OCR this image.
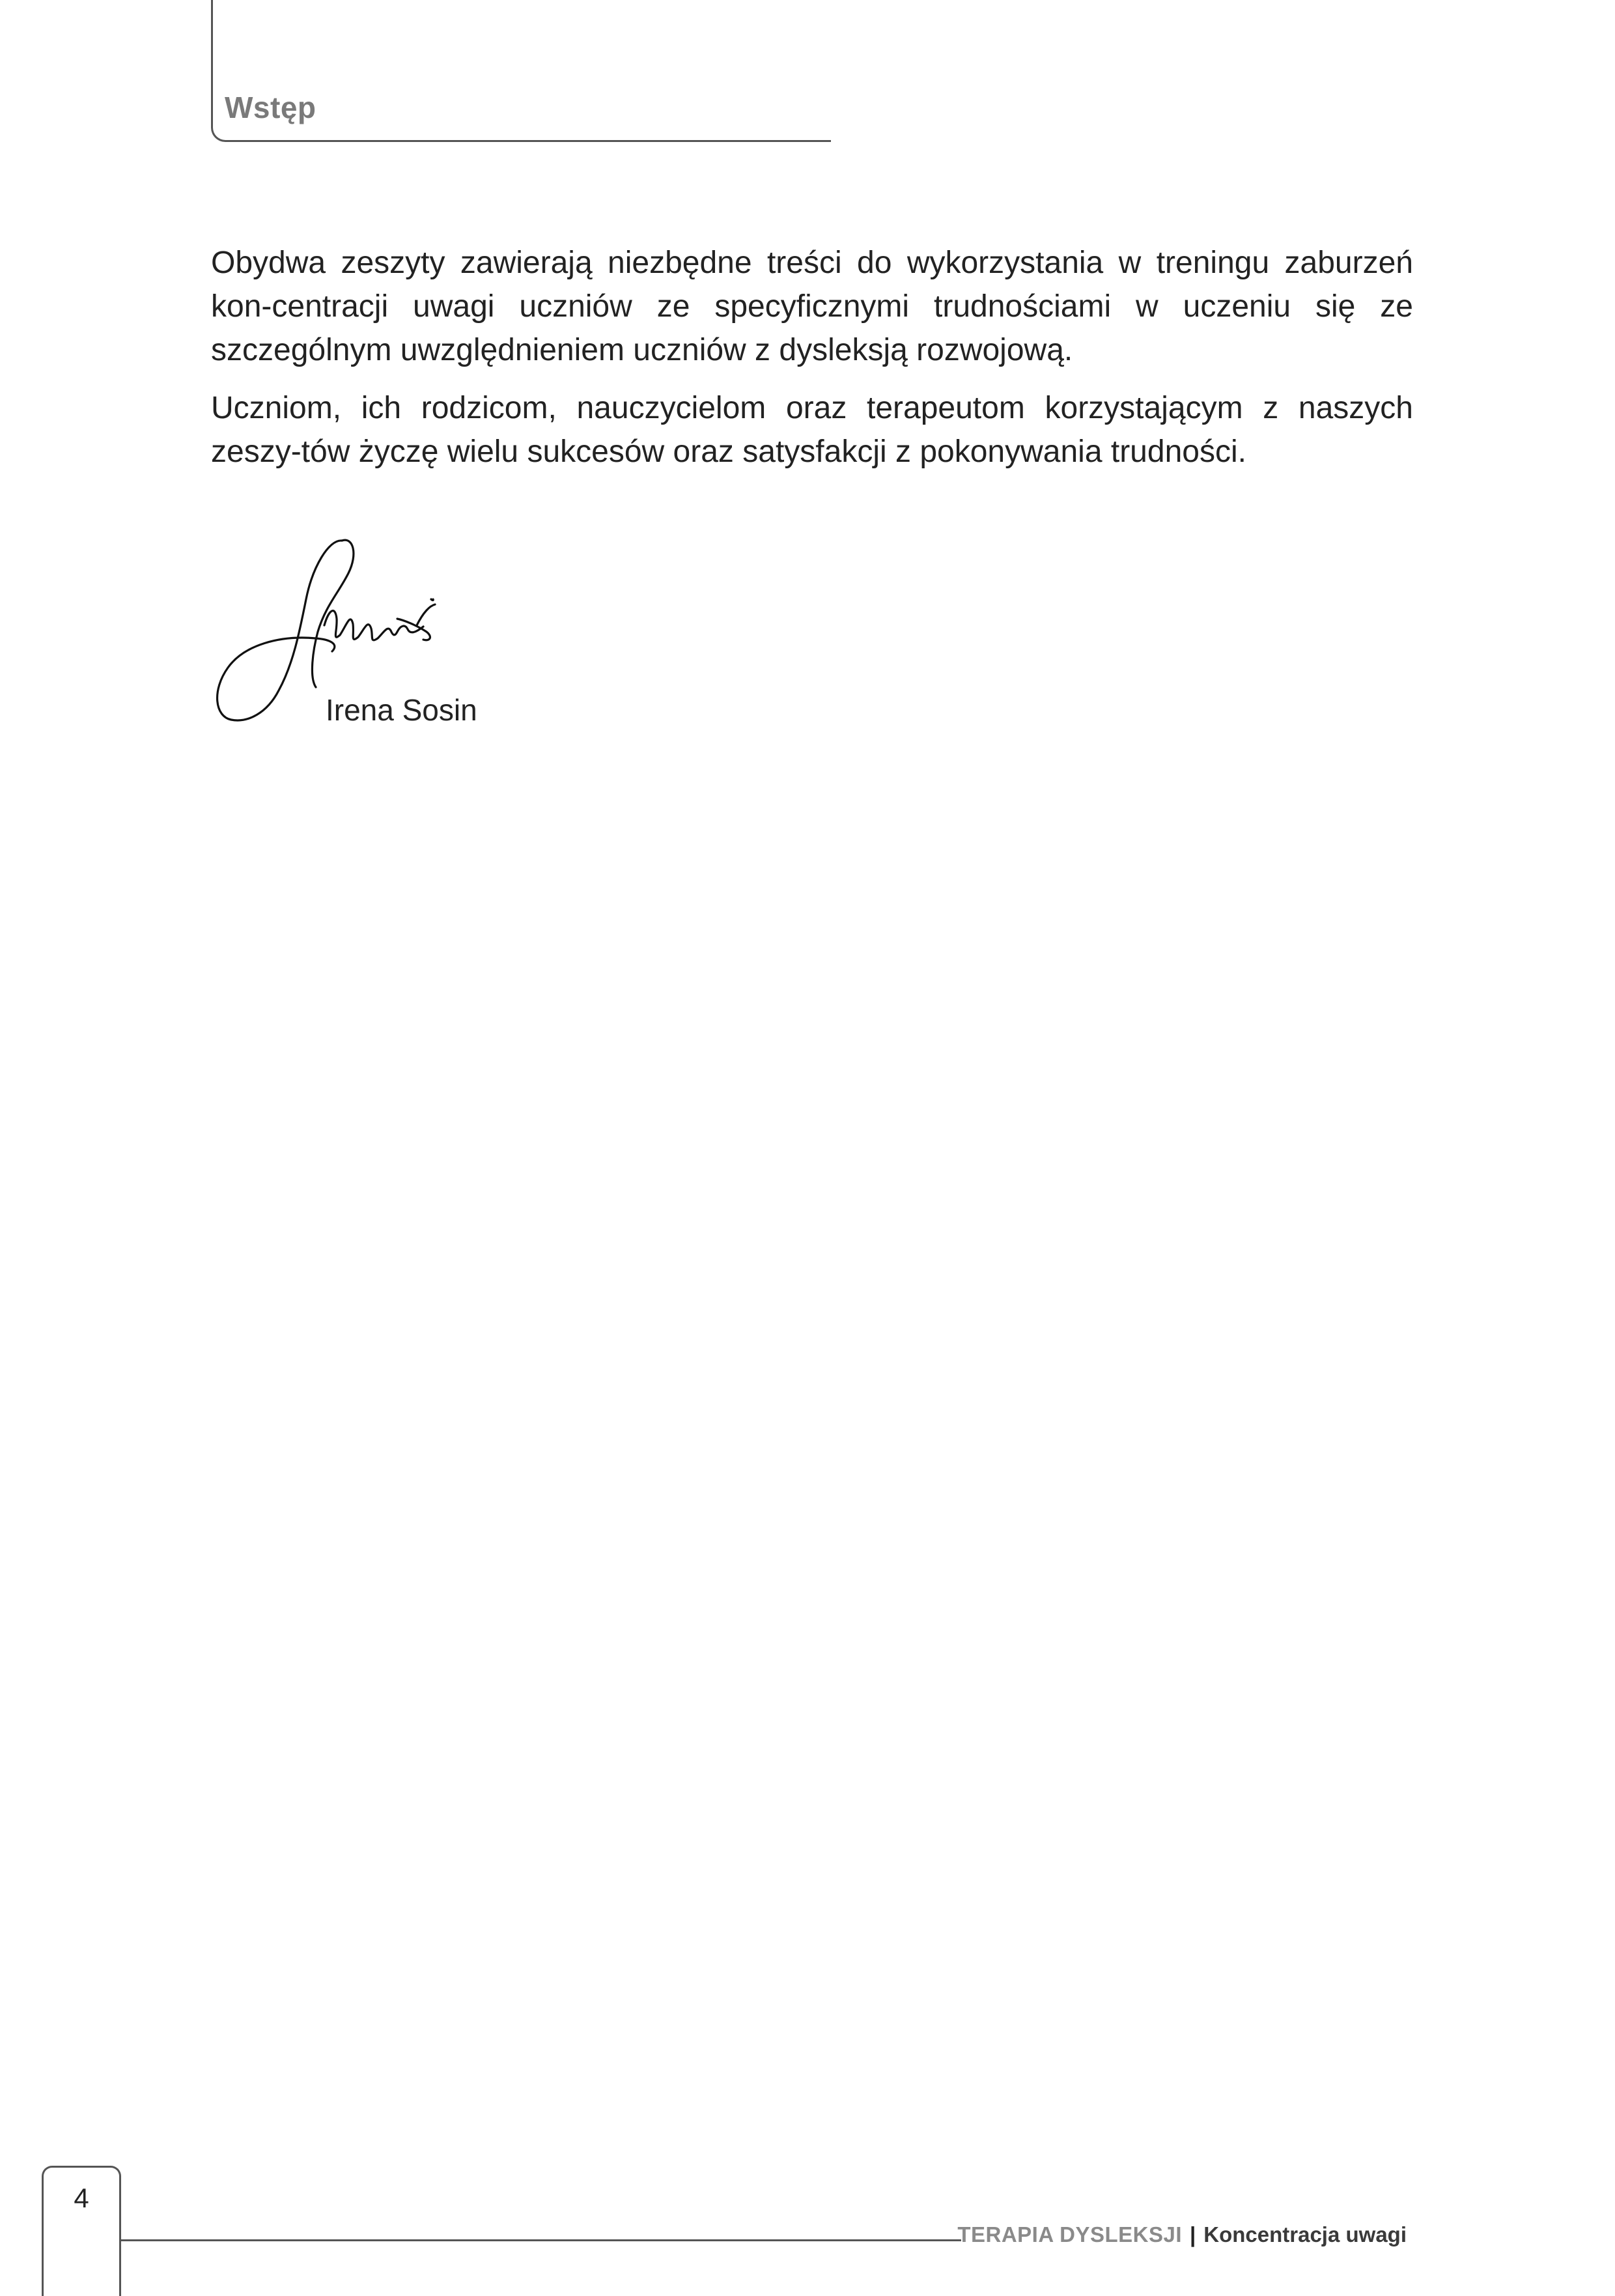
Wstęp

Obydwa zeszyty zawierają niezbędne treści do wykorzystania w treningu zaburzeń kon-centracji uwagi uczniów ze specyficznymi trudnościami w uczeniu się ze szczególnym uwzględnieniem uczniów z dysleksją rozwojową.

Uczniom, ich rodzicom, nauczycielom oraz terapeutom korzystającym z naszych zeszy-tów życzę wielu sukcesów oraz satysfakcji z pokonywania trudności.

Irena Sosin
4
TERAPIA DYSLEKSJI | Koncentracja uwagi
